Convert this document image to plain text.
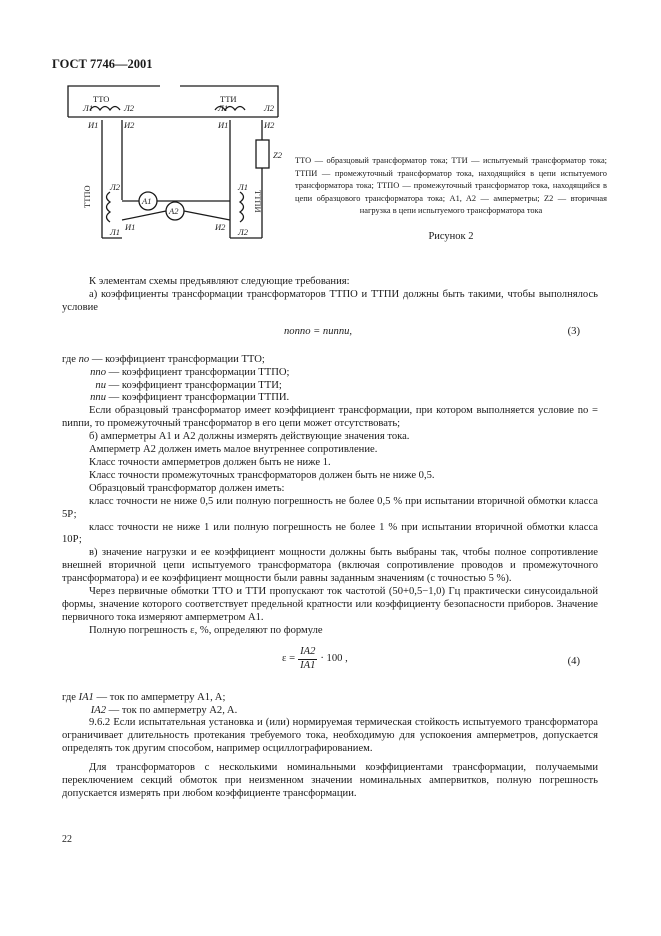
ГОСТ 7746—2001
ТТО	ТТИ
Л1	Л2
И1	И2
Л1	Л2
И1	И2
Z2
ТТПО	ТТПИ
Л2
Л1 И1
Л1
Л2
И2
A1
A2
ТТО — образцовый трансформатор тока; ТТИ — испытуемый трансформатор тока; ТТПИ — промежуточный трансформатор тока, находящийся в цепи испытуемого трансформатора тока; ТТПО — промежуточный трансформатор тока, находящийся в цепи образцового трансформатора тока; A1, A2 — амперметры; Z2 — вторичная нагрузка в цепи испытуемого трансформатора тока
Рисунок 2

К элементам схемы предъявляют следующие требования:

а) коэффициенты трансформации трансформаторов ТТПО и ТТПИ должны быть такими, чтобы выполнялось условие

nоnпо = nиnпи,	(3)

где nо — коэффициент трансформации ТТО;

nпо — коэффициент трансформации ТТПО;

nи — коэффициент трансформации ТТИ;

nпи — коэффициент трансформации ТТПИ.

Если образцовый трансформатор имеет коэффициент трансформации, при котором выполняется условие nо = nиnпи, то промежуточный трансформатор в его цепи может отсутствовать;

б) амперметры A1 и A2 должны измерять действующие значения тока.

Амперметр A2 должен иметь малое внутреннее сопротивление.

Класс точности амперметров должен быть не ниже 1.

Класс точности промежуточных трансформаторов должен быть не ниже 0,5.

Образцовый трансформатор должен иметь:

класс точности не ниже 0,5 или полную погрешность не более 0,5 % при испытании вторичной обмотки класса 5Р;

класс точности не ниже 1 или полную погрешность не более 1 % при испытании вторичной обмотки класса 10Р;

в) значение нагрузки и ее коэффициент мощности должны быть выбраны так, чтобы полное сопротивление внешней вторичной цепи испытуемого трансформатора (включая сопротивление проводов и промежуточного трансформатора) и ее коэффициент мощности были равны заданным значениям (с точностью 5 %).

Через первичные обмотки ТТО и ТТИ пропускают ток частотой (50+0,5−1,0) Гц практически синусоидальной формы, значение которого соответствует предельной кратности или коэффициенту безопасности приборов. Значение первичного тока измеряют амперметром A1.

Полную погрешность ε, %, определяют по формуле

$\varepsilon = \frac{IA2}{IA1} \cdot 100$ ,	(4)

где IA1 — ток по амперметру A1, A;

IA2 — ток по амперметру A2, A.

9.6.2 Если испытательная установка и (или) нормируемая термическая стойкость испытуемого трансформатора ограничивает длительность протекания требуемого тока, необходимую для успокоения амперметров, допускается определять ток другим способом, например осциллографированием.

Для трансформаторов с несколькими номинальными коэффициентами трансформации, получаемыми переключением секций обмоток при неизменном значении номинальных ампервитков, полную погрешность допускается измерять при любом коэффициенте трансформации.

22
